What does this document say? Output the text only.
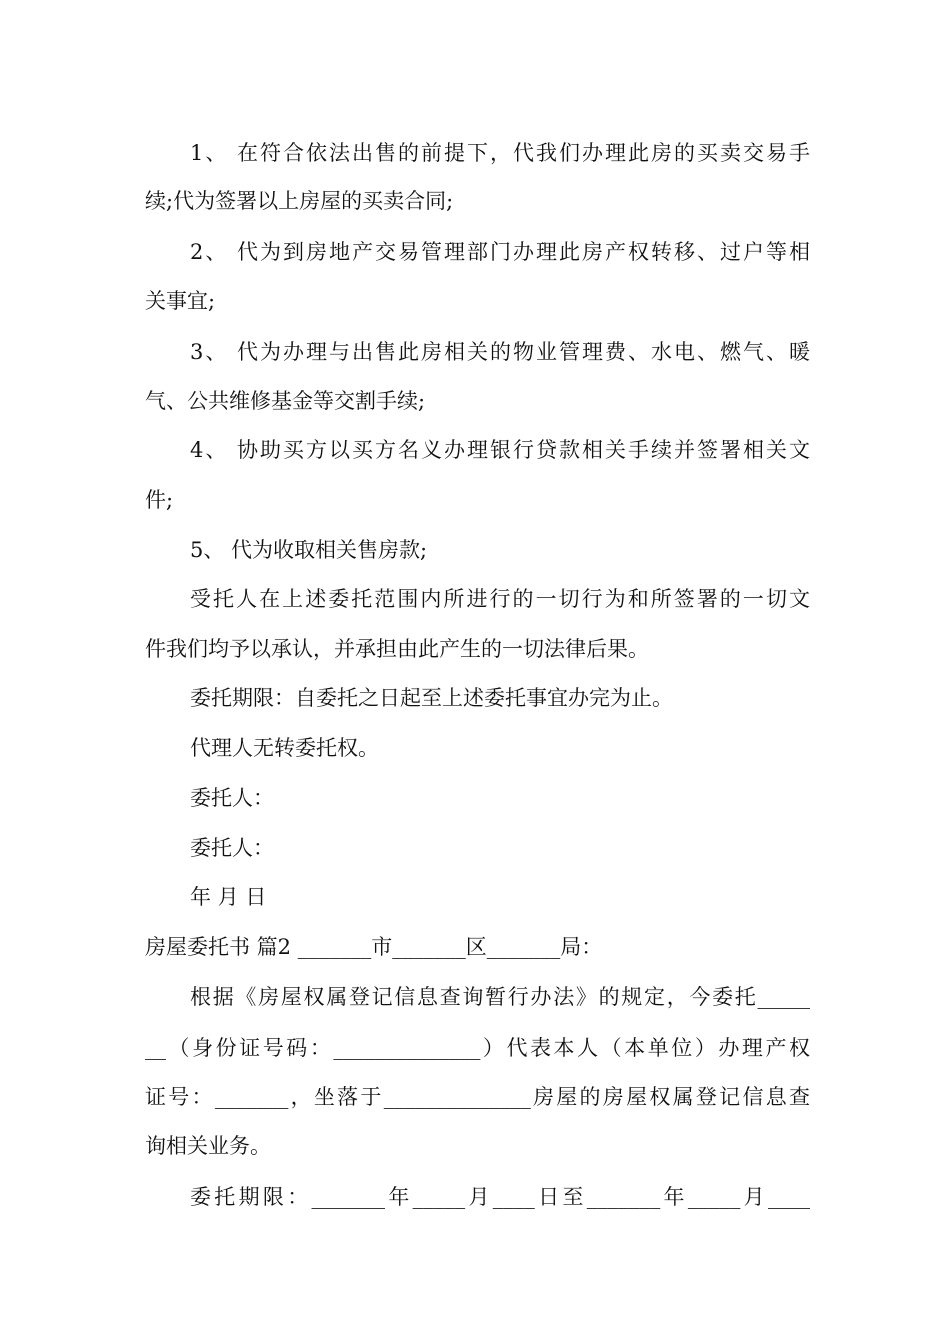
1、 在符合依法出售的前提下，代我们办理此房的买卖交易手
续;代为签署以上房屋的买卖合同;
2、 代为到房地产交易管理部门办理此房产权转移、过户等相
关事宜;
3、 代为办理与出售此房相关的物业管理费、水电、燃气、暖
气、公共维修基金等交割手续;
4、 协助买方以买方名义办理银行贷款相关手续并签署相关文
件;
5、 代为收取相关售房款;
受托人在上述委托范围内所进行的一切行为和所签署的一切文
件我们均予以承认，并承担由此产生的一切法律后果。
委托期限：自委托之日起至上述委托事宜办完为止。
代理人无转委托权。
委托人：
委托人：
年 月 日
房屋委托书 篇2 _______市_______区_______局：
根据《房屋权属登记信息查询暂行办法》的规定，今委托_____
__（身份证号码：______________）代表本人（本单位）办理产权
证号：_______，坐落于______________房屋的房屋权属登记信息查
询相关业务。
委托期限：_______年_____月____日至_______年_____月____
